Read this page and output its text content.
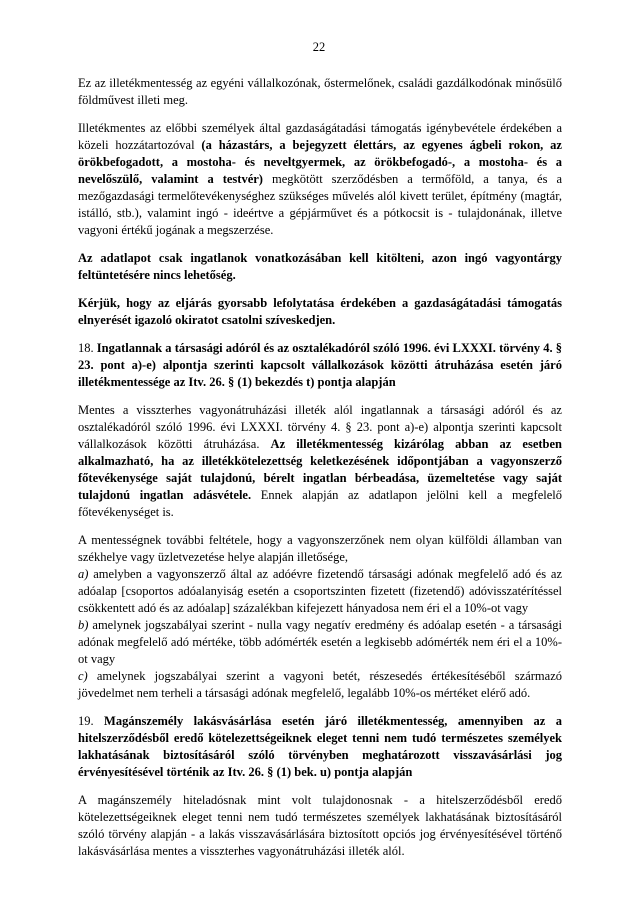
22

Ez az illetékmentesség az egyéni vállalkozónak, őstermelőnek, családi gazdálkodónak minősülő földművest illeti meg.

Illetékmentes az előbbi személyek által gazdaságátadási támogatás igénybevétele érdekében a közeli hozzátartozóval (a házastárs, a bejegyzett élettárs, az egyenes ágbeli rokon, az örökbefogadott, a mostoha- és neveltgyermek, az örökbefogadó-, a mostoha- és a nevelőszülő, valamint a testvér) megkötött szerződésben a termőföld, a tanya, és a mezőgazdasági termelőtevékenységhez szükséges művelés alól kivett terület, építmény (magtár, istálló, stb.), valamint ingó - ideértve a gépjárművet és a pótkocsit is - tulajdonának, illetve vagyoni értékű jogának a megszerzése.

Az adatlapot csak ingatlanok vonatkozásában kell kitölteni, azon ingó vagyontárgy feltüntetésére nincs lehetőség.

Kérjük, hogy az eljárás gyorsabb lefolytatása érdekében a gazdaságátadási támogatás elnyerését igazoló okiratot csatolni szíveskedjen.

18. Ingatlannak a társasági adóról és az osztalékadóról szóló 1996. évi LXXXI. törvény 4. § 23. pont a)-e) alpontja szerinti kapcsolt vállalkozások közötti átruházása esetén járó illetékmentessége az Itv. 26. § (1) bekezdés t) pontja alapján

Mentes a visszterhes vagyonátruházási illeték alól ingatlannak a társasági adóról és az osztalékadóról szóló 1996. évi LXXXI. törvény 4. § 23. pont a)-e) alpontja szerinti kapcsolt vállalkozások közötti átruházása. Az illetékmentesség kizárólag abban az esetben alkalmazható, ha az illetékkötelezettség keletkezésének időpontjában a vagyonszerző főtevékenysége saját tulajdonú, bérelt ingatlan bérbeadása, üzemeltetése vagy saját tulajdonú ingatlan adásvétele. Ennek alapján az adatlapon jelölni kell a megfelelő főtevékenységet is.

A mentességnek további feltétele, hogy a vagyonszerzőnek nem olyan külföldi államban van székhelye vagy üzletvezetése helye alapján illetősége,

a) amelyben a vagyonszerző által az adóévre fizetendő társasági adónak megfelelő adó és az adóalap [csoportos adóalanyiság esetén a csoportszinten fizetett (fizetendő) adóvisszatérítéssel csökkentett adó és az adóalap] százalékban kifejezett hányadosa nem éri el a 10%-ot vagy

b) amelynek jogszabályai szerint - nulla vagy negatív eredmény és adóalap esetén - a társasági adónak megfelelő adó mértéke, több adómérték esetén a legkisebb adómérték nem éri el a 10%-ot vagy

c) amelynek jogszabályai szerint a vagyoni betét, részesedés értékesítéséből származó jövedelmet nem terheli a társasági adónak megfelelő, legalább 10%-os mértéket elérő adó.

19. Magánszemély lakásvásárlása esetén járó illetékmentesség, amennyiben az a hitelszerződésből eredő kötelezettségeiknek eleget tenni nem tudó természetes személyek lakhatásának biztosításáról szóló törvényben meghatározott visszavásárlási jog érvényesítésével történik az Itv. 26. § (1) bek. u) pontja alapján

A magánszemély hiteladósnak mint volt tulajdonosnak - a hitelszerződésből eredő kötelezettségeiknek eleget tenni nem tudó természetes személyek lakhatásának biztosításáról szóló törvény alapján - a lakás visszavásárlására biztosított opciós jog érvényesítésével történő lakásvásárlása mentes a visszterhes vagyonátruházási illeték alól.
